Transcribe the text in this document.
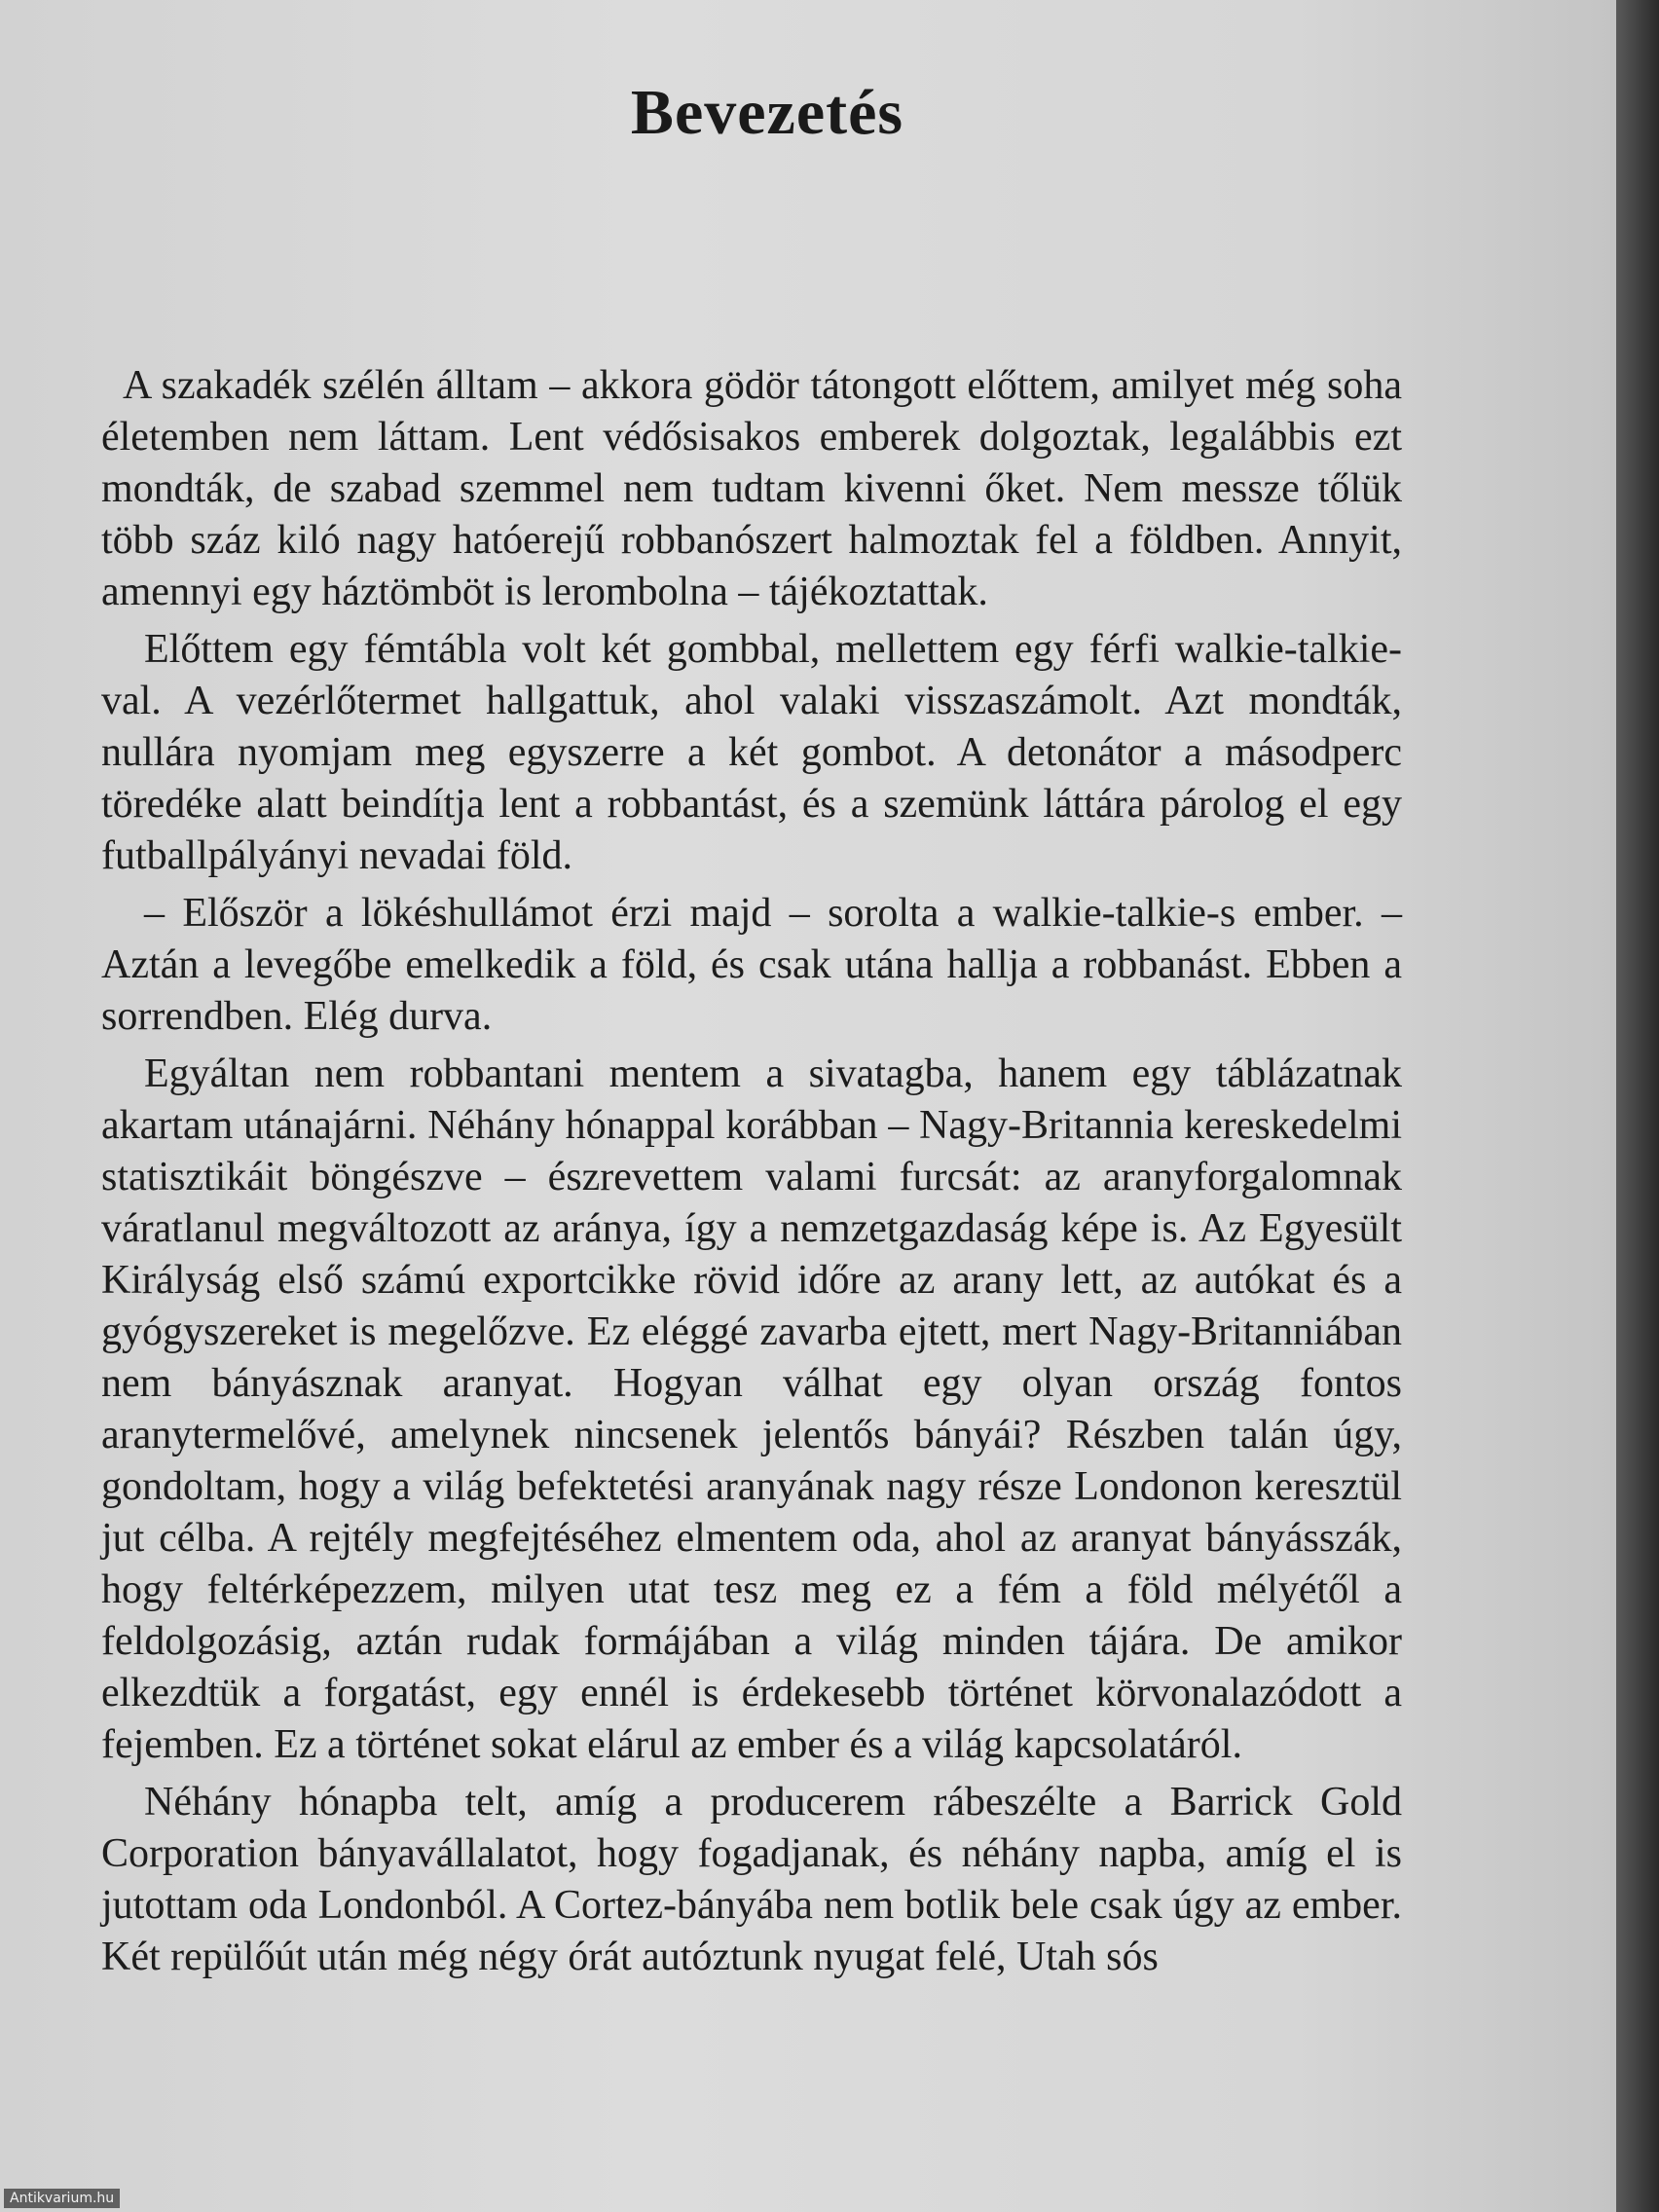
Bevezetés

A szakadék szélén álltam – akkora gödör tátongott előttem, amilyet még soha életemben nem láttam. Lent védősisakos emberek dolgoztak, legalábbis ezt mondták, de szabad szemmel nem tudtam kivenni őket. Nem messze tőlük több száz kiló nagy hatóerejű robbanószert halmoztak fel a földben. Annyit, amennyi egy háztömböt is lerombolna – tájékoztattak.

Előttem egy fémtábla volt két gombbal, mellettem egy férfi walkie-talkie-val. A vezérlőtermet hallgattuk, ahol valaki visszaszámolt. Azt mondták, nullára nyomjam meg egyszerre a két gombot. A detonátor a másodperc töredéke alatt beindítja lent a robbantást, és a szemünk láttára párolog el egy futballpályányi nevadai föld.

– Először a lökéshullámot érzi majd – sorolta a walkie-talkie-s ember. – Aztán a levegőbe emelkedik a föld, és csak utána hallja a robbanást. Ebben a sorrendben. Elég durva.

Egyáltan nem robbantani mentem a sivatagba, hanem egy táblázatnak akartam utánajárni. Néhány hónappal korábban – Nagy-Britannia kereskedelmi statisztikáit böngészve – észrevettem valami furcsát: az aranyforgalomnak váratlanul megváltozott az aránya, így a nemzetgazdaság képe is. Az Egyesült Királyság első számú exportcikke rövid időre az arany lett, az autókat és a gyógyszereket is megelőzve. Ez eléggé zavarba ejtett, mert Nagy-Britanniában nem bányásznak aranyat. Hogyan válhat egy olyan ország fontos aranytermelővé, amelynek nincsenek jelentős bányái? Részben talán úgy, gondoltam, hogy a világ befektetési aranyának nagy része Londonon keresztül jut célba. A rejtély megfejtéséhez elmentem oda, ahol az aranyat bányásszák, hogy feltérképezzem, milyen utat tesz meg ez a fém a föld mélyétől a feldolgozásig, aztán rudak formájában a világ minden tájára. De amikor elkezdtük a forgatást, egy ennél is érdekesebb történet körvonalazódott a fejemben. Ez a történet sokat elárul az ember és a világ kapcsolatáról.

Néhány hónapba telt, amíg a producerem rábeszélte a Barrick Gold Corporation bányavállalatot, hogy fogadjanak, és néhány napba, amíg el is jutottam oda Londonból. A Cortez-bányába nem botlik bele csak úgy az ember. Két repülőút után még négy órát autóztunk nyugat felé, Utah sós

Antikvarium.hu
